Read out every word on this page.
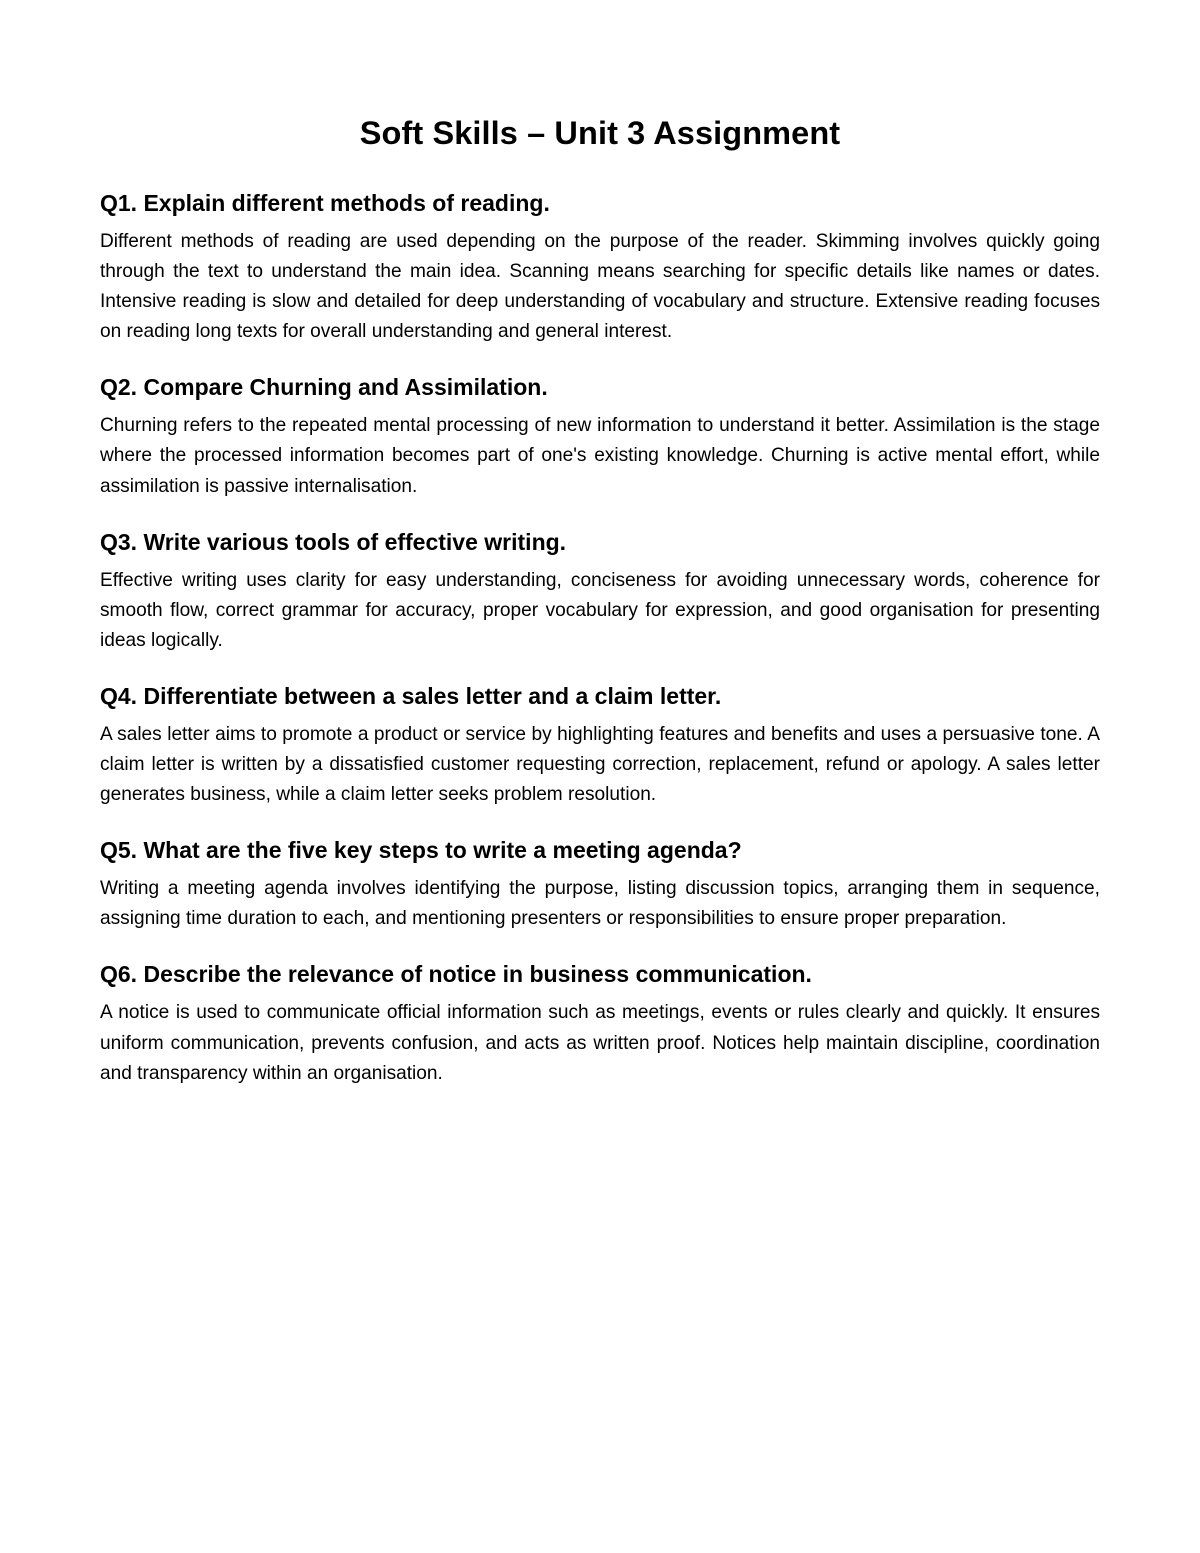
Soft Skills – Unit 3 Assignment
Q1. Explain different methods of reading.

Different methods of reading are used depending on the purpose of the reader. Skimming involves quickly going through the text to understand the main idea. Scanning means searching for specific details like names or dates. Intensive reading is slow and detailed for deep understanding of vocabulary and structure. Extensive reading focuses on reading long texts for overall understanding and general interest.

Q2. Compare Churning and Assimilation.

Churning refers to the repeated mental processing of new information to understand it better. Assimilation is the stage where the processed information becomes part of one's existing knowledge. Churning is active mental effort, while assimilation is passive internalisation.

Q3. Write various tools of effective writing.

Effective writing uses clarity for easy understanding, conciseness for avoiding unnecessary words, coherence for smooth flow, correct grammar for accuracy, proper vocabulary for expression, and good organisation for presenting ideas logically.

Q4. Differentiate between a sales letter and a claim letter.

A sales letter aims to promote a product or service by highlighting features and benefits and uses a persuasive tone. A claim letter is written by a dissatisfied customer requesting correction, replacement, refund or apology. A sales letter generates business, while a claim letter seeks problem resolution.

Q5. What are the five key steps to write a meeting agenda?

Writing a meeting agenda involves identifying the purpose, listing discussion topics, arranging them in sequence, assigning time duration to each, and mentioning presenters or responsibilities to ensure proper preparation.

Q6. Describe the relevance of notice in business communication.

A notice is used to communicate official information such as meetings, events or rules clearly and quickly. It ensures uniform communication, prevents confusion, and acts as written proof. Notices help maintain discipline, coordination and transparency within an organisation.
